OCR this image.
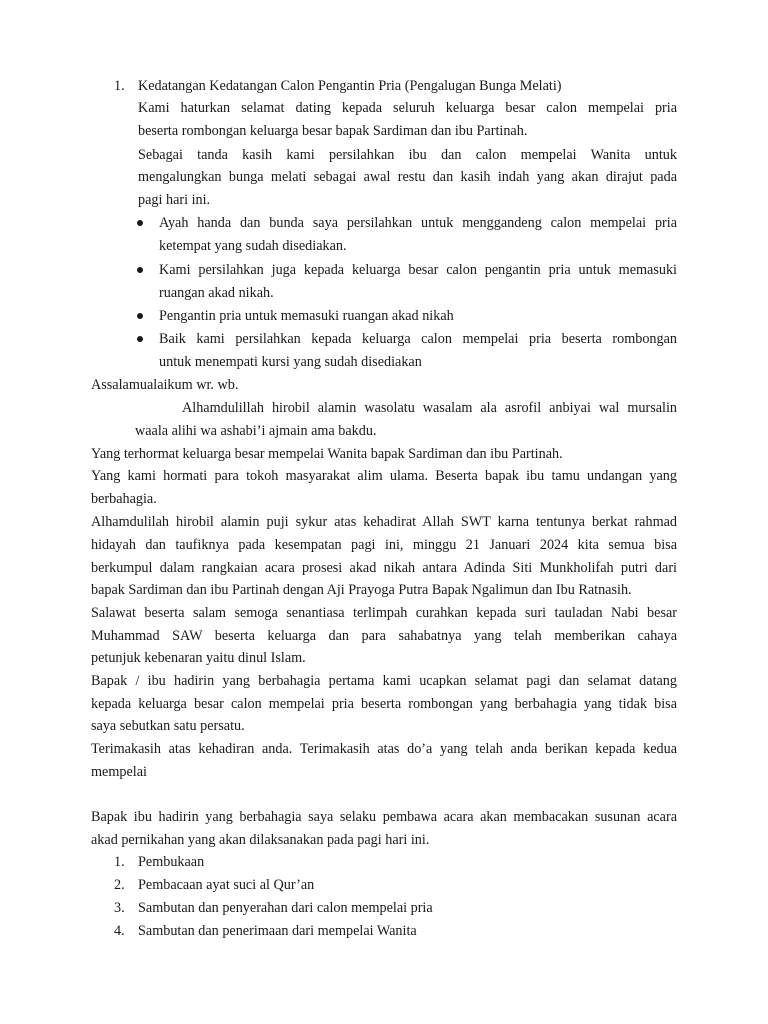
1. Kedatangan Kedatangan Calon Pengantin Pria (Pengalugan Bunga Melati)
Kami haturkan selamat dating kepada seluruh keluarga besar calon mempelai pria
beserta rombongan keluarga besar bapak Sardiman dan ibu Partinah.
Sebagai tanda kasih kami persilahkan ibu dan calon mempelai Wanita untuk
mengalungkan bunga melati sebagai awal restu dan kasih indah yang akan dirajut pada
pagi hari ini.
Ayah handa dan bunda saya persilahkan untuk menggandeng calon mempelai pria
ketempat yang sudah disediakan.
Kami persilahkan juga kepada keluarga besar calon pengantin pria untuk memasuki
ruangan akad nikah.
Pengantin pria untuk memasuki ruangan akad nikah
Baik kami persilahkan kepada keluarga calon mempelai pria beserta rombongan
untuk menempati kursi yang sudah disediakan
Assalamualaikum wr. wb.
Alhamdulillah hirobil alamin wasolatu wasalam ala asrofil anbiyai wal mursalin
waala alihi wa ashabi’i ajmain ama bakdu.
Yang terhormat keluarga besar mempelai Wanita bapak Sardiman dan ibu Partinah.
Yang kami hormati para tokoh masyarakat alim ulama. Beserta bapak ibu tamu undangan yang
berbahagia.
Alhamdulilah hirobil alamin puji sykur atas kehadirat Allah SWT karna tentunya berkat rahmad
hidayah dan taufiknya pada kesempatan pagi ini, minggu 21 Januari 2024 kita semua bisa
berkumpul dalam rangkaian acara prosesi akad nikah antara Adinda Siti Munkholifah putri dari
bapak Sardiman dan ibu Partinah dengan Aji Prayoga Putra Bapak Ngalimun dan Ibu Ratnasih.
Salawat beserta salam semoga senantiasa terlimpah curahkan kepada suri tauladan Nabi besar
Muhammad SAW beserta keluarga dan para sahabatnya yang telah memberikan cahaya
petunjuk kebenaran yaitu dinul Islam.
Bapak / ibu hadirin yang berbahagia pertama kami ucapkan selamat pagi dan selamat datang
kepada keluarga besar calon mempelai pria beserta rombongan yang berbahagia yang tidak bisa
saya sebutkan satu persatu.
Terimakasih atas kehadiran anda. Terimakasih atas do’a yang telah anda berikan kepada kedua
mempelai
Bapak ibu hadirin yang berbahagia saya selaku pembawa acara akan membacakan susunan acara
akad pernikahan yang akan dilaksanakan pada pagi hari ini.
1. Pembukaan
2. Pembacaan ayat suci al Qur’an
3. Sambutan dan penyerahan dari calon mempelai pria
4. Sambutan dan penerimaan dari mempelai Wanita
